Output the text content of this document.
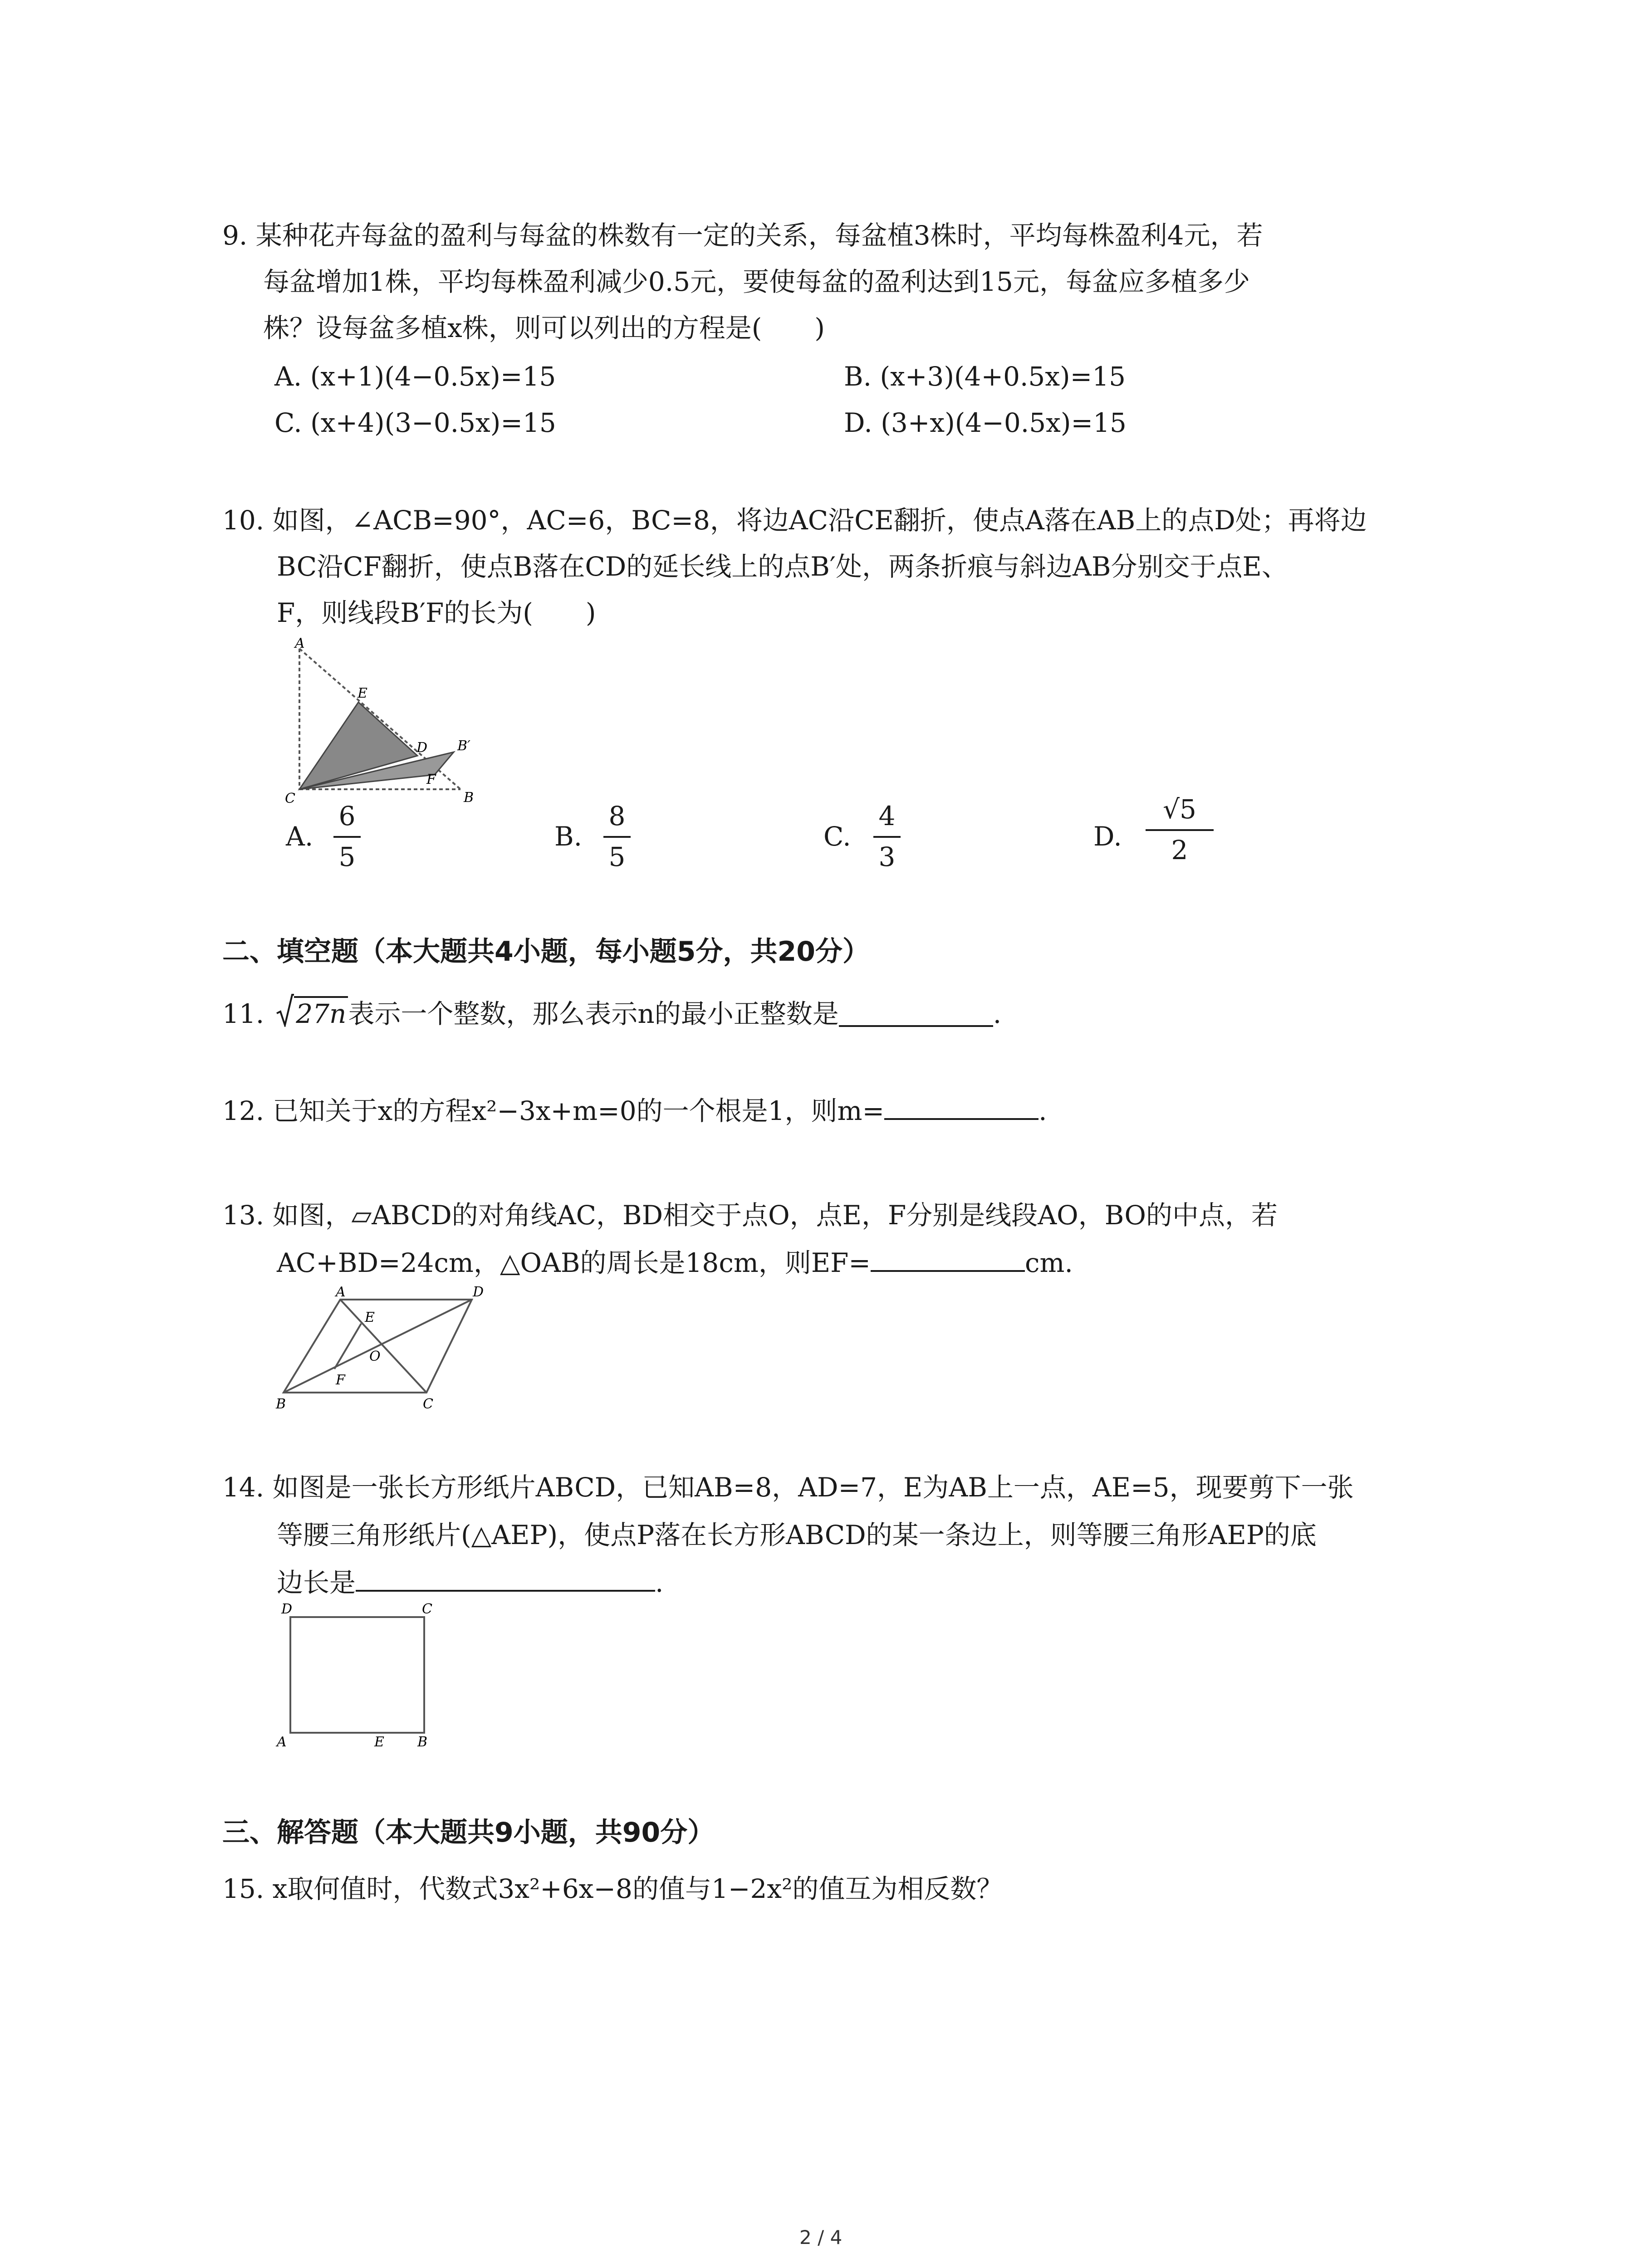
9. 某种花卉每盆的盈利与每盆的株数有一定的关系，每盆植3株时，平均每株盈利4元，若
每盆增加1株，平均每株盈利减少0.5元，要使每盆的盈利达到15元，每盆应多植多少
株？设每盆多植x株，则可以列出的方程是(　　)
A. (x+1)(4−0.5x)=15	B. (x+3)(4+0.5x)=15
C. (x+4)(3−0.5x)=15	D. (3+x)(4−0.5x)=15
10. 如图，∠ACB=90°，AC=6，BC=8，将边AC沿CE翻折，使点A落在AB上的点D处；再将边
BC沿CF翻折，使点B落在CD的延长线上的点B′处，两条折痕与斜边AB分别交于点E、
F，则线段B′F的长为(　　)
A
E
D B′
F
C	B
A.
6
5
B.
8
5
C.
4
3
D.
√5
2
二、填空题（本大题共4小题，每小题5分，共20分）
11. 27n 表示一个整数，那么表示n的最小正整数是	.
12. 已知关于x的方程x²−3x+m=0的一个根是1，则m=	.
13. 如图，▱ABCD的对角线AC，BD相交于点O，点E，F分别是线段AO，BO的中点，若
AC+BD=24cm，△OAB的周长是18cm，则EF=	cm.
A	D
E
O
F
B	C
14. 如图是一张长方形纸片ABCD，已知AB=8，AD=7，E为AB上一点，AE=5，现要剪下一张
等腰三角形纸片(△AEP)，使点P落在长方形ABCD的某一条边上，则等腰三角形AEP的底
边长是	.
D	C
A	E B
三、解答题（本大题共9小题，共90分）
15. x取何值时，代数式3x²+6x−8的值与1−2x²的值互为相反数？
2 / 4
